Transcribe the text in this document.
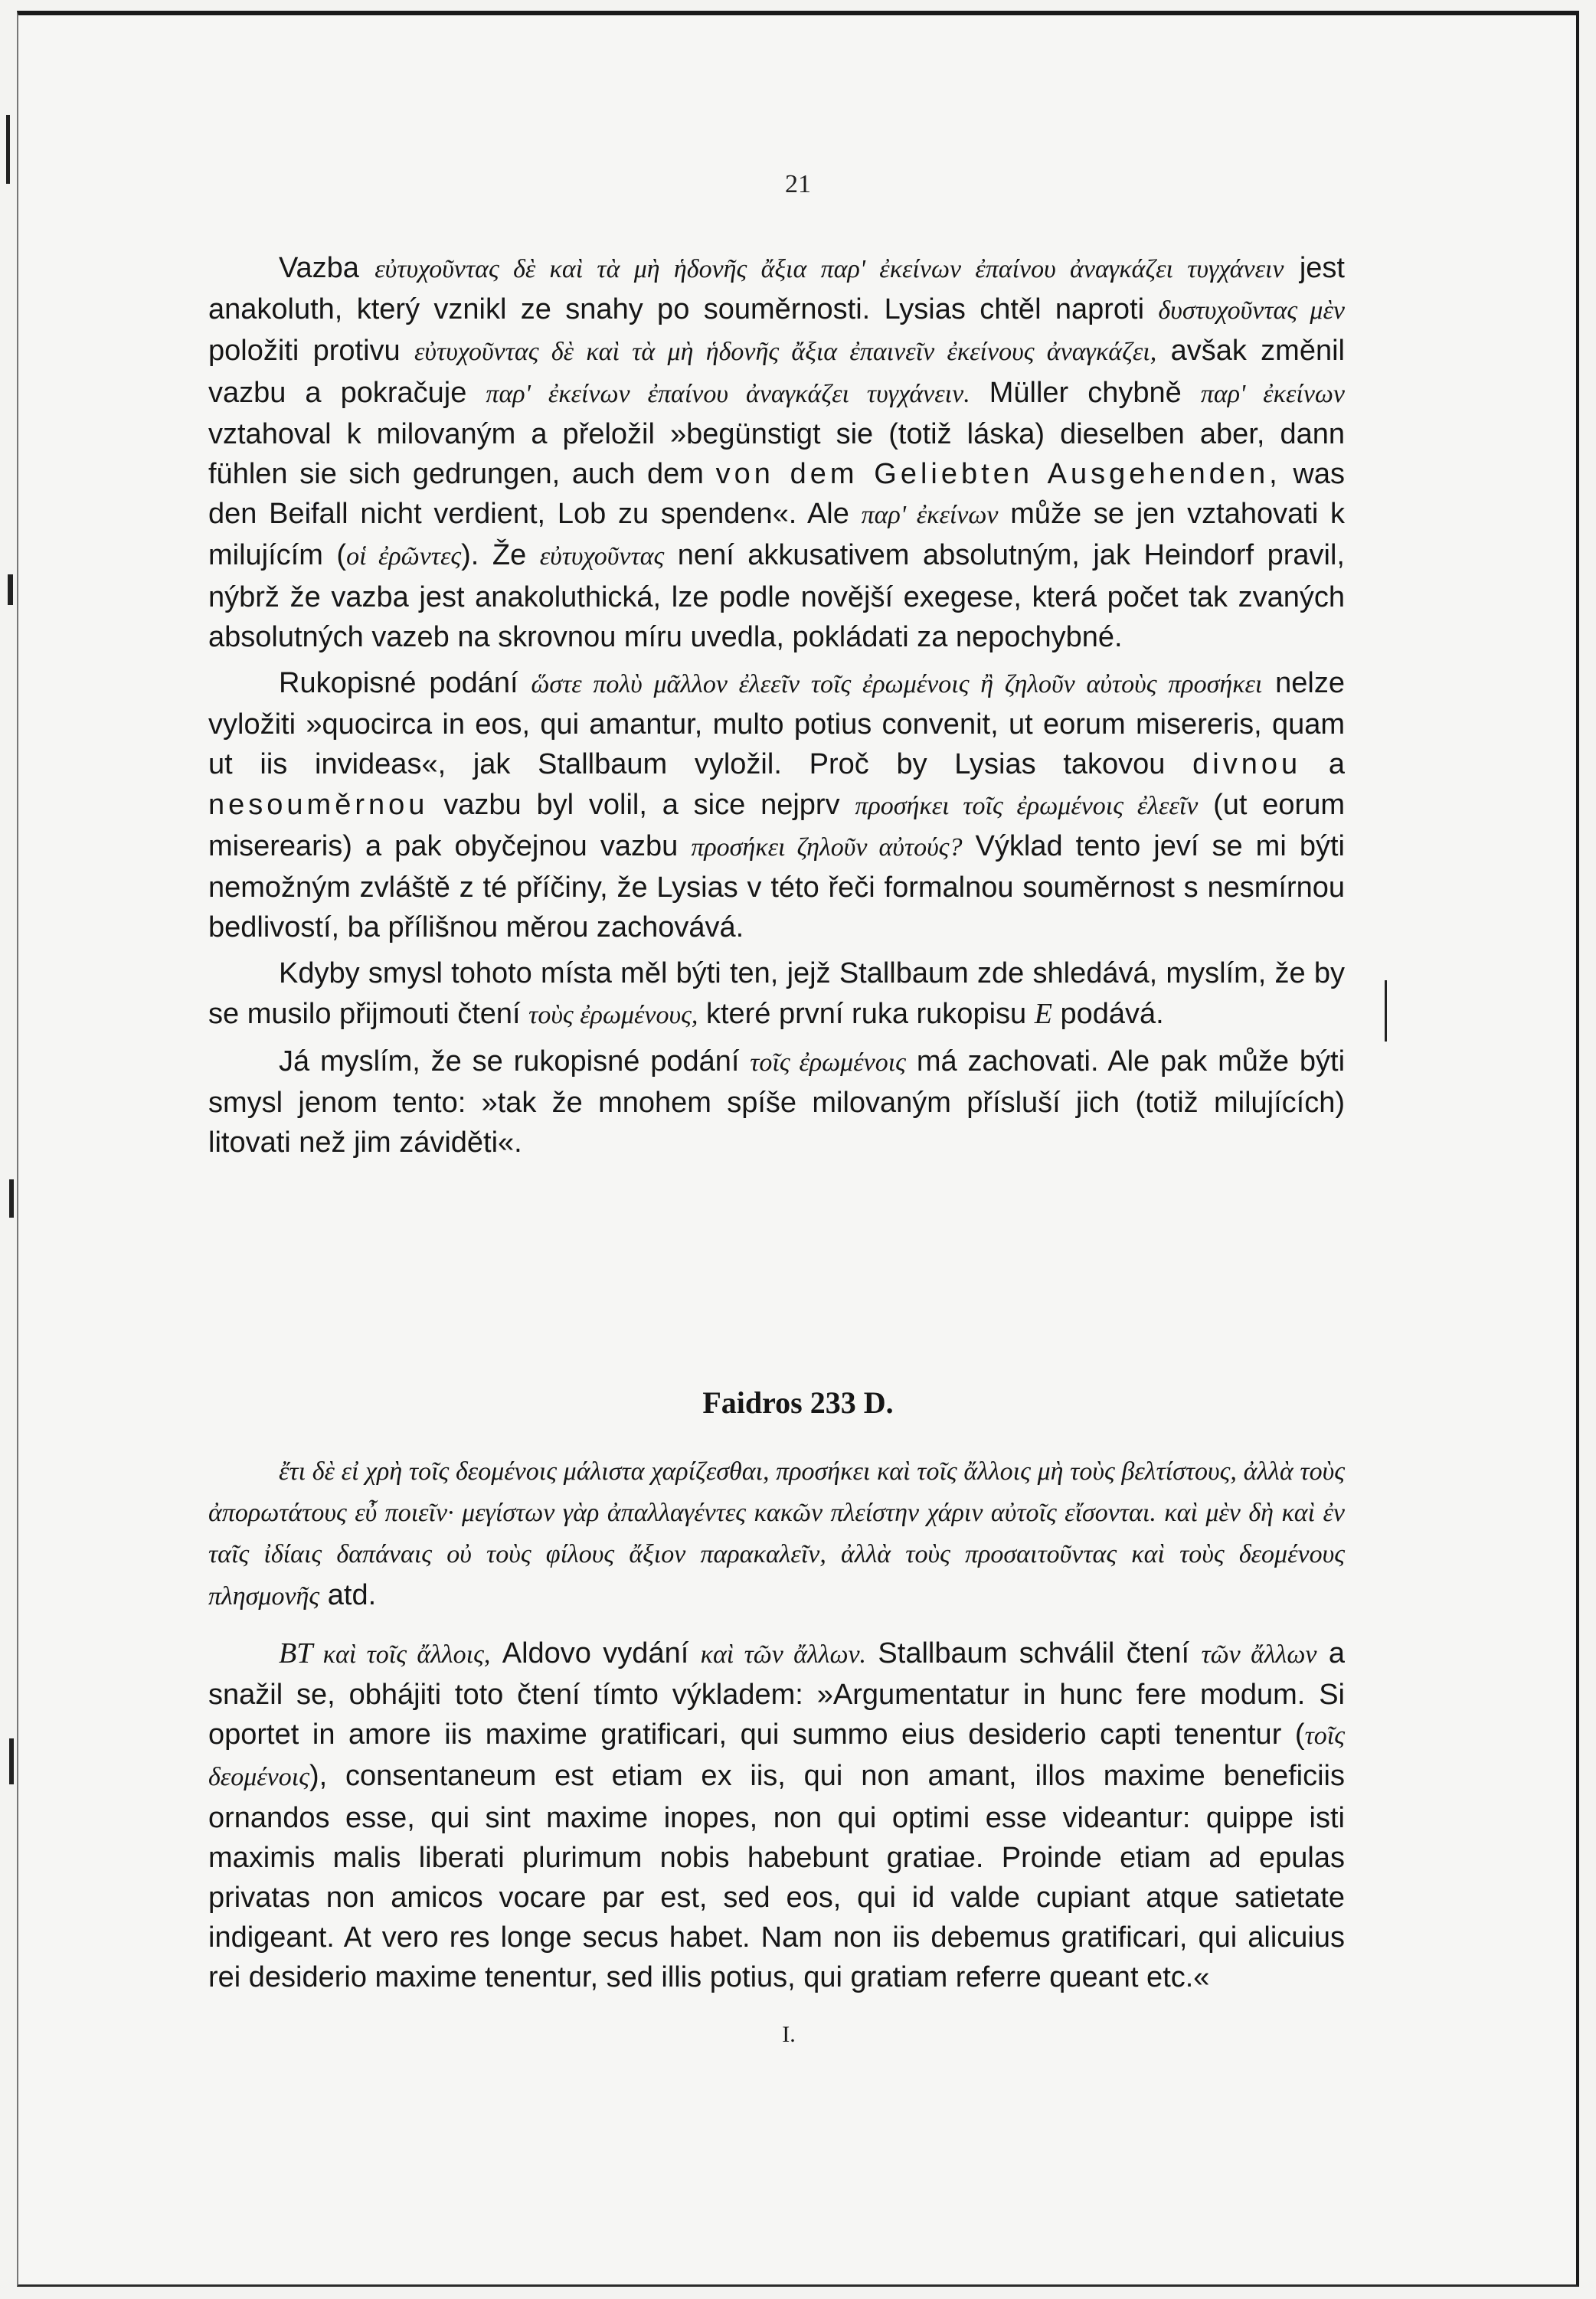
21

Vazba εὐτυχοῦντας δὲ καὶ τὰ μὴ ἡδονῆς ἄξια παρ' ἐκείνων ἐπαίνου ἀναγκάζει τυγχάνειν jest anakoluth, který vznikl ze snahy po souměrnosti. Lysias chtěl naproti δυστυχοῦντας μὲν položiti protivu εὐτυχοῦντας δὲ καὶ τὰ μὴ ἡδονῆς ἄξια ἐπαινεῖν ἐκείνους ἀναγκάζει, avšak změnil vazbu a pokračuje παρ' ἐκείνων ἐπαίνου ἀναγκάζει τυγχάνειν. Müller chybně παρ' ἐκείνων vztahoval k milovaným a přeložil »begünstigt sie (totiž láska) dieselben aber, dann fühlen sie sich gedrungen, auch dem von dem Geliebten Ausgehenden, was den Beifall nicht verdient, Lob zu spenden«. Ale παρ' ἐκείνων může se jen vztahovati k milujícím (οἱ ἐρῶντες). Že εὐτυχοῦντας není akkusativem absolutným, jak Heindorf pravil, nýbrž že vazba jest anakoluthická, lze podle novější exegese, která počet tak zvaných absolutných vazeb na skrovnou míru uvedla, pokládati za nepochybné.

Rukopisné podání ὥστε πολὺ μᾶλλον ἐλεεῖν τοῖς ἐρωμένοις ἢ ζηλοῦν αὐτοὺς προσήκει nelze vyložiti »quocirca in eos, qui amantur, multo potius convenit, ut eorum misereris, quam ut iis invideas«, jak Stallbaum vyložil. Proč by Lysias takovou divnou a nesouměrnou vazbu byl volil, a sice nejprv προσήκει τοῖς ἐρωμένοις ἐλεεῖν (ut eorum miserearis) a pak obyčejnou vazbu προσήκει ζηλοῦν αὐτούς? Výklad tento jeví se mi býti nemožným zvláště z té příčiny, že Lysias v této řeči formalnou souměrnost s nesmírnou bedlivostí, ba přílišnou měrou zachovává.

Kdyby smysl tohoto místa měl býti ten, jejž Stallbaum zde shledává, myslím, že by se musilo přijmouti čtení τοὺς ἐρωμένους, které první ruka rukopisu E podává.

Já myslím, že se rukopisné podání τοῖς ἐρωμένοις má zachovati. Ale pak může býti smysl jenom tento: »tak že mnohem spíše milovaným přísluší jich (totiž milujících) litovati než jim záviděti«.

Faidros 233 D.

ἔτι δὲ εἰ χρὴ τοῖς δεομένοις μάλιστα χαρίζεσθαι, προσήκει καὶ τοῖς ἄλλοις μὴ τοὺς βελτίστους, ἀλλὰ τοὺς ἀπορωτάτους εὖ ποιεῖν· μεγίστων γὰρ ἀπαλλαγέντες κακῶν πλείστην χάριν αὐτοῖς εἴσονται. καὶ μὲν δὴ καὶ ἐν ταῖς ἰδίαις δαπάναις οὐ τοὺς φίλους ἄξιον παρακαλεῖν, ἀλλὰ τοὺς προσαιτοῦντας καὶ τοὺς δεομένους πλησμονῆς atd.

BT καὶ τοῖς ἄλλοις, Aldovo vydání καὶ τῶν ἄλλων. Stallbaum schválil čtení τῶν ἄλλων a snažil se, obhájiti toto čtení tímto výkladem: »Argumentatur in hunc fere modum. Si oportet in amore iis maxime gratificari, qui summo eius desiderio capti tenentur (τοῖς δεομένοις), consentaneum est etiam ex iis, qui non amant, illos maxime beneficiis ornandos esse, qui sint maxime inopes, non qui optimi esse videantur: quippe isti maximis malis liberati plurimum nobis habebunt gratiae. Proinde etiam ad epulas privatas non amicos vocare par est, sed eos, qui id valde cupiant atque satietate indigeant. At vero res longe secus habet. Nam non iis debemus gratificari, qui alicuius rei desiderio maxime tenentur, sed illis potius, qui gratiam referre queant etc.«

I.
